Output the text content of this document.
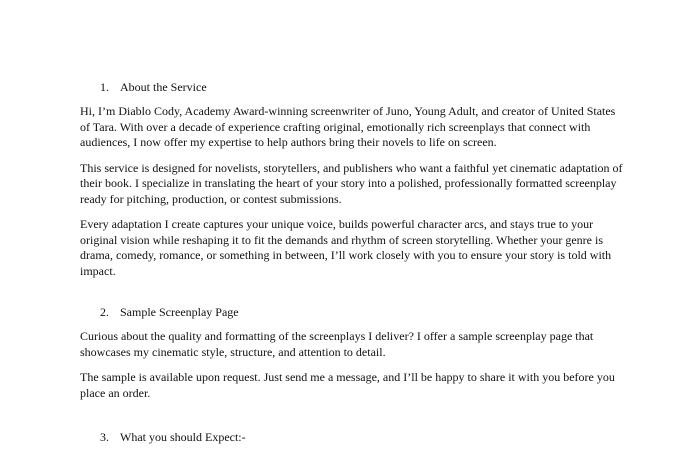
1. About the Service

Hi, I’m Diablo Cody, Academy Award-winning screenwriter of Juno, Young Adult, and creator of United States of Tara. With over a decade of experience crafting original, emotionally rich screenplays that connect with audiences, I now offer my expertise to help authors bring their novels to life on screen.

This service is designed for novelists, storytellers, and publishers who want a faithful yet cinematic adaptation of their book. I specialize in translating the heart of your story into a polished, professionally formatted screenplay ready for pitching, production, or contest submissions.

Every adaptation I create captures your unique voice, builds powerful character arcs, and stays true to your original vision while reshaping it to fit the demands and rhythm of screen storytelling. Whether your genre is drama, comedy, romance, or something in between, I’ll work closely with you to ensure your story is told with impact.

2. Sample Screenplay Page

Curious about the quality and formatting of the screenplays I deliver? I offer a sample screenplay page that showcases my cinematic style, structure, and attention to detail.

The sample is available upon request. Just send me a message, and I’ll be happy to share it with you before you place an order.

3. What you should Expect:-
